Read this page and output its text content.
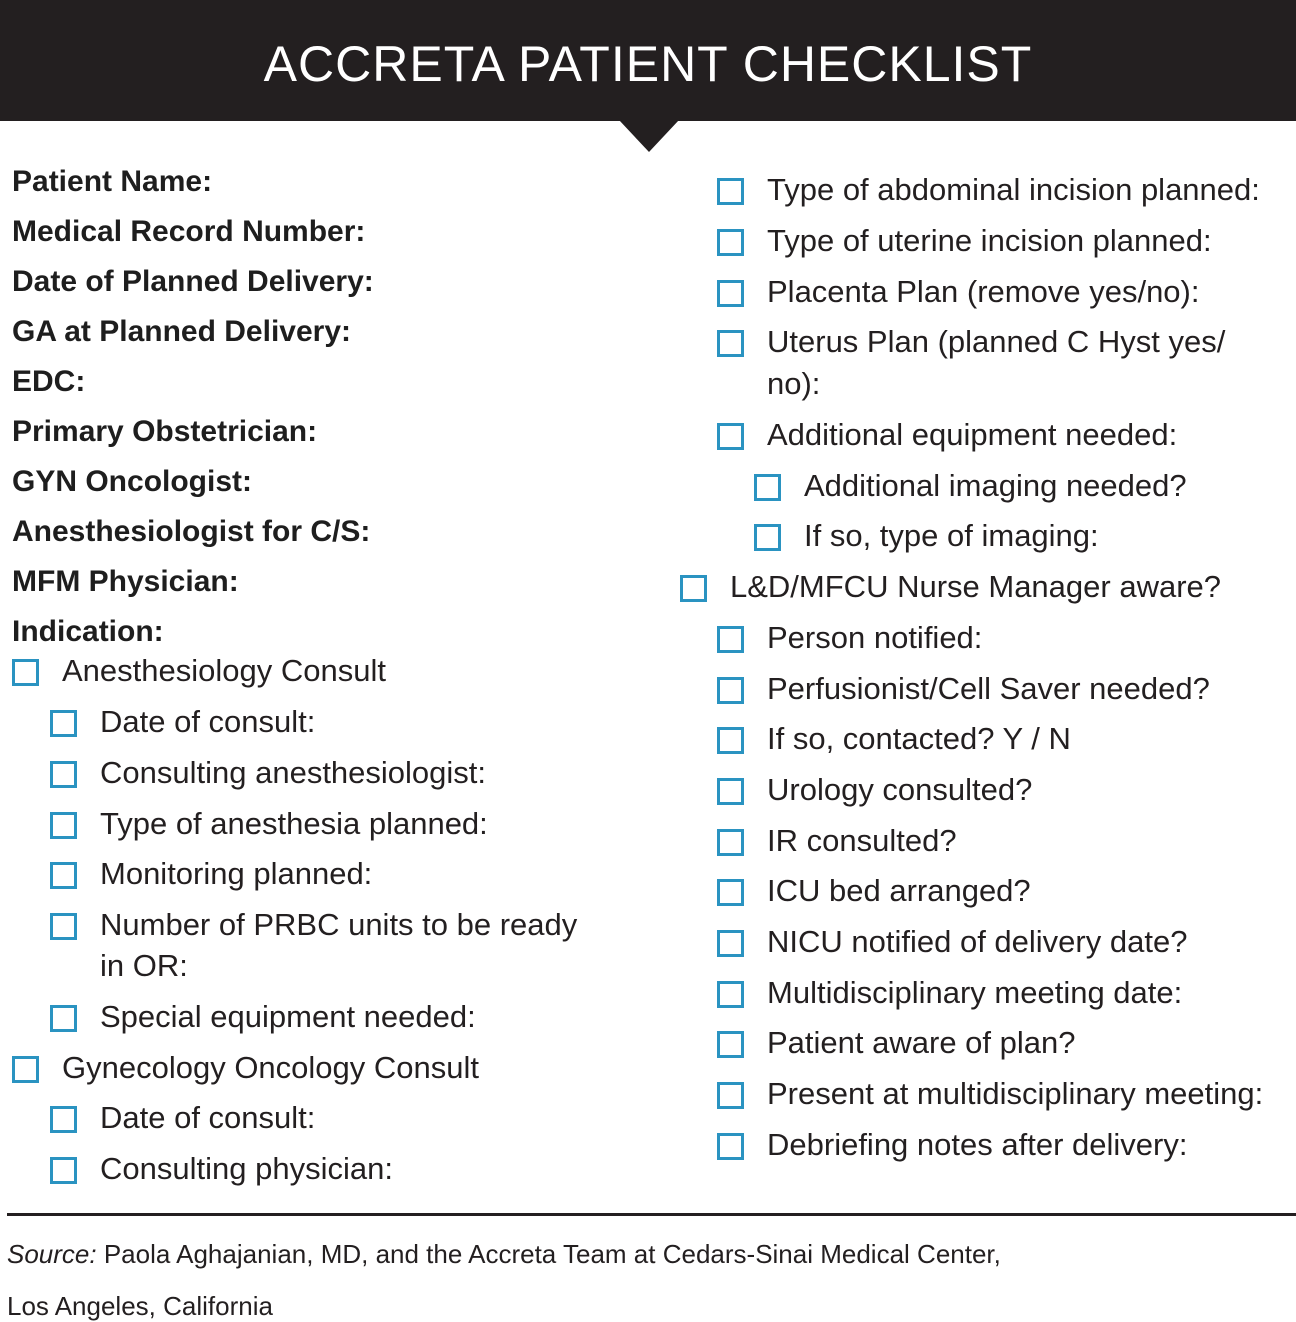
ACCRETA PATIENT CHECKLIST
Patient Name:
Medical Record Number:
Date of Planned Delivery:
GA at Planned Delivery:
EDC:
Primary Obstetrician:
GYN Oncologist:
Anesthesiologist for C/S:
MFM Physician:
Indication:
Anesthesiology Consult
Date of consult:
Consulting anesthesiologist:
Type of anesthesia planned:
Monitoring planned:
Number of PRBC units to be ready
in OR:
Special equipment needed:
Gynecology Oncology Consult
Date of consult:
Consulting physician:
Type of abdominal incision planned:
Type of uterine incision planned:
Placenta Plan (remove yes/no):
Uterus Plan (planned C Hyst yes/
no):
Additional equipment needed:
Additional imaging needed?
If so, type of imaging:
L&D/MFCU Nurse Manager aware?
Person notified:
Perfusionist/Cell Saver needed?
If so, contacted? Y / N
Urology consulted?
IR consulted?
ICU bed arranged?
NICU notified of delivery date?
Multidisciplinary meeting date:
Patient aware of plan?
Present at multidisciplinary meeting:
Debriefing notes after delivery:
Source: Paola Aghajanian, MD, and the Accreta Team at Cedars-Sinai Medical Center,
Los Angeles, California
